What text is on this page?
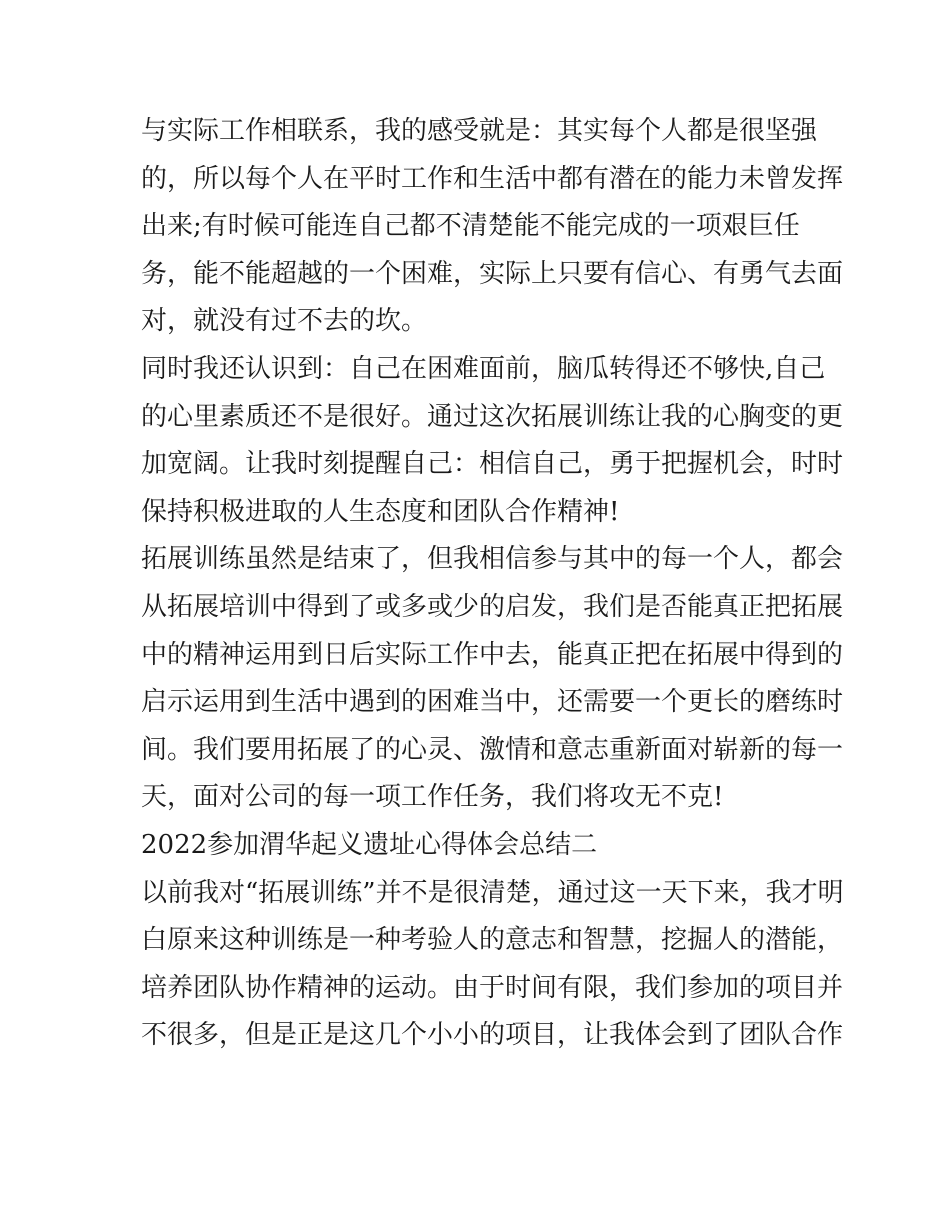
与实际工作相联系，我的感受就是：其实每个人都是很坚强
的，所以每个人在平时工作和生活中都有潜在的能力未曾发挥
出来;有时候可能连自己都不清楚能不能完成的一项艰巨任
务，能不能超越的一个困难，实际上只要有信心、有勇气去面
对，就没有过不去的坎。
同时我还认识到：自己在困难面前，脑瓜转得还不够快,自己
的心里素质还不是很好。通过这次拓展训练让我的心胸变的更
加宽阔。让我时刻提醒自己：相信自己，勇于把握机会，时时
保持积极进取的人生态度和团队合作精神!
拓展训练虽然是结束了，但我相信参与其中的每一个人，都会
从拓展培训中得到了或多或少的启发，我们是否能真正把拓展
中的精神运用到日后实际工作中去，能真正把在拓展中得到的
启示运用到生活中遇到的困难当中，还需要一个更长的磨练时
间。我们要用拓展了的心灵、激情和意志重新面对崭新的每一
天，面对公司的每一项工作任务，我们将攻无不克!
2022参加渭华起义遗址心得体会总结二
以前我对“拓展训练”并不是很清楚，通过这一天下来，我才明
白原来这种训练是一种考验人的意志和智慧，挖掘人的潜能，
培养团队协作精神的运动。由于时间有限，我们参加的项目并
不很多，但是正是这几个小小的项目，让我体会到了团队合作
